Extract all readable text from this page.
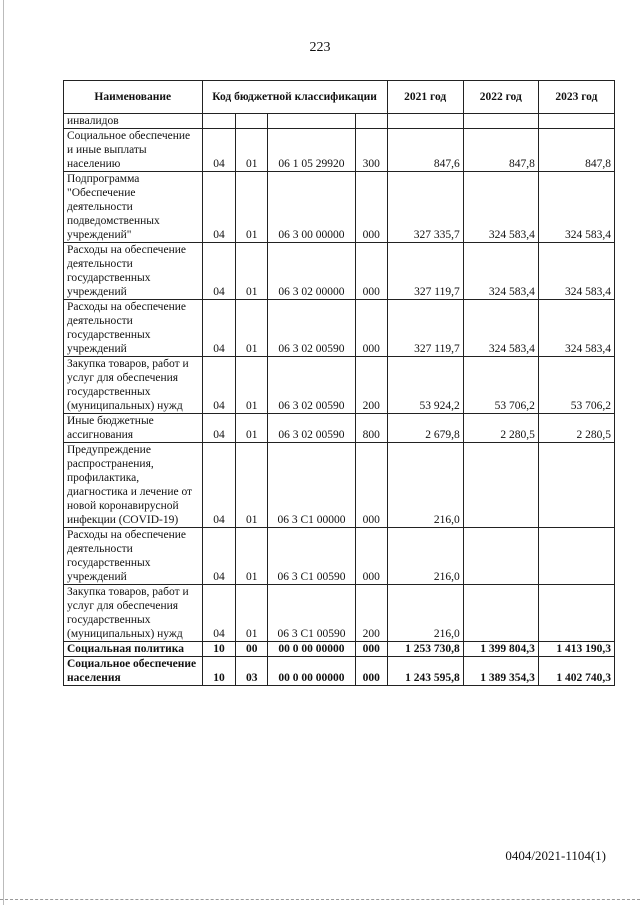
223
Наименование	Код бюджетной классификации				2021 год	2022 год	2023 год
инвалидов							
Социальное обеспечение и иные выплаты населению	04	01	06 1 05 29920	300	847,6	847,8	847,8
Подпрограмма "Обеспечение деятельности подведомственных учреждений"	04	01	06 3 00 00000	000	327 335,7	324 583,4	324 583,4
Расходы на обеспечение деятельности государственных учреждений	04	01	06 3 02 00000	000	327 119,7	324 583,4	324 583,4
Расходы на обеспечение деятельности государственных учреждений	04	01	06 3 02 00590	000	327 119,7	324 583,4	324 583,4
Закупка товаров, работ и услуг для обеспечения государственных (муниципальных) нужд	04	01	06 3 02 00590	200	53 924,2	53 706,2	53 706,2
Иные бюджетные ассигнования	04	01	06 3 02 00590	800	2 679,8	2 280,5	2 280,5
Предупреждение распространения, профилактика, диагностика и лечение от новой коронавирусной инфекции (COVID-19)	04	01	06 3 С1 00000	000	216,0		
Расходы на обеспечение деятельности государственных учреждений	04	01	06 3 С1 00590	000	216,0		
Закупка товаров, работ и услуг для обеспечения государственных (муниципальных) нужд	04	01	06 3 С1 00590	200	216,0		
Социальная политика	10	00	00 0 00 00000	000	1 253 730,8	1 399 804,3	1 413 190,3
Социальное обеспечение населения	10	03	00 0 00 00000	000	1 243 595,8	1 389 354,3	1 402 740,3
0404/2021-1104(1)
